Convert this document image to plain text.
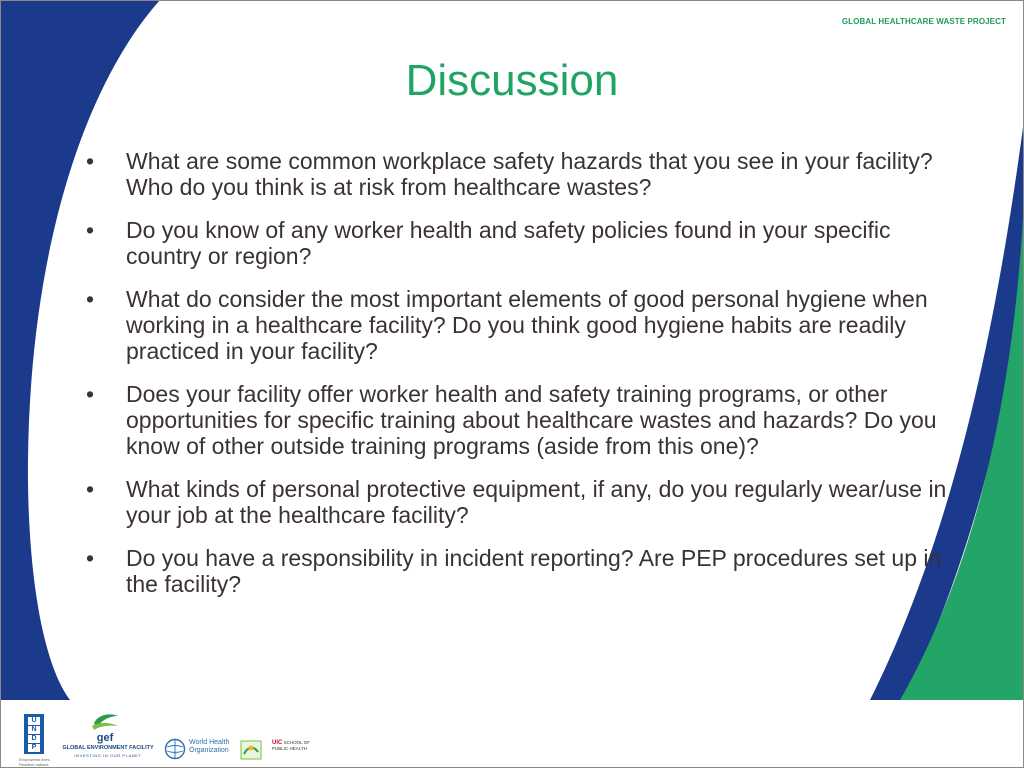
GLOBAL HEALTHCARE WASTE PROJECT
Discussion
• What are some common workplace safety hazards that you see in your facility? Who do you think is at risk from healthcare wastes?
• Do you know of any worker health and safety policies found in your specific country or region?
• What do consider the most important elements of good personal hygiene when working in a healthcare facility? Do you think good hygiene habits are readily practiced in your facility?
• Does your facility offer worker health and safety training programs, or other opportunities for specific training about healthcare wastes and hazards? Do you know of other outside training programs (aside from this one)?
• What kinds of personal protective equipment, if any, do you regularly wear/use in your job at the healthcare facility?
• Do you have a responsibility in incident reporting? Are PEP procedures set up in the facility?
U
N
D
P
Empowered lives. Resilient nations.
gef
GLOBAL ENVIRONMENT FACILITY
INVESTING IN OUR PLANET
World Health
Organization
UIC SCHOOL OF
PUBLIC HEALTH
